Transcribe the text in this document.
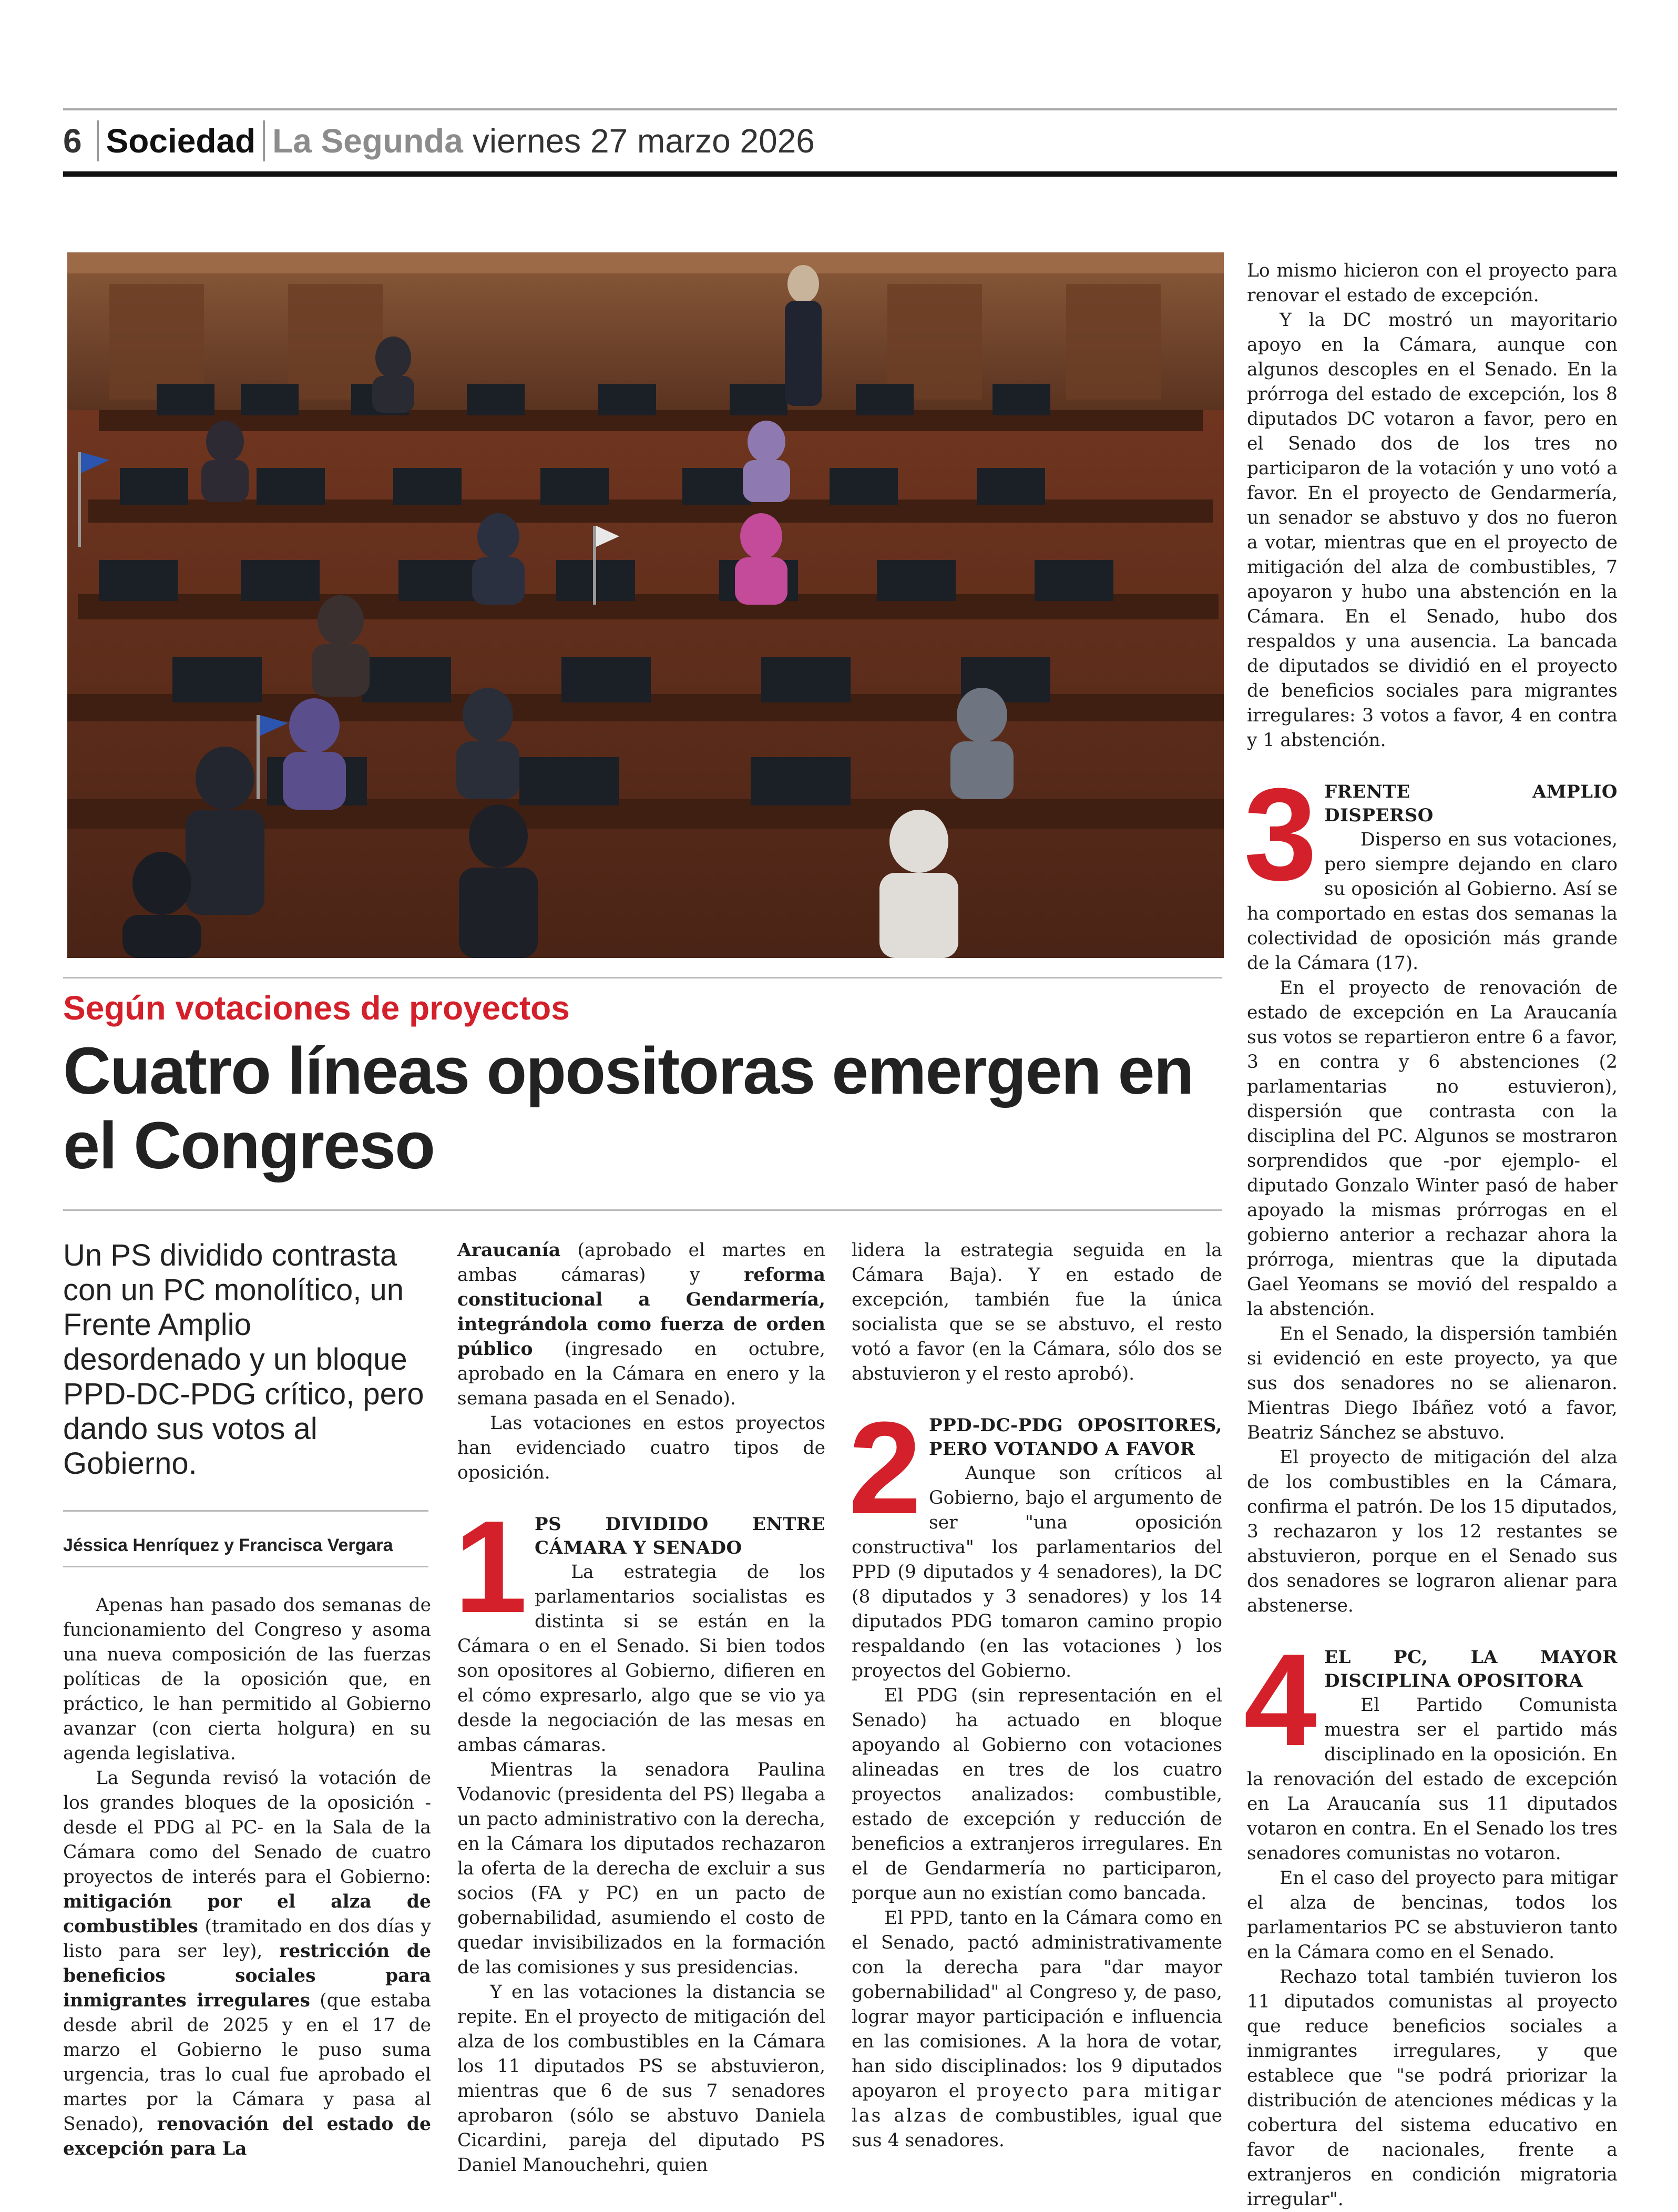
6 Sociedad La Segunda viernes 27 marzo 2026
Según votaciones de proyectos
Cuatro líneas opositoras emergen en el Congreso
Un PS dividido contrasta con un PC monolítico, un Frente Amplio desordenado y un bloque PPD-DC-PDG crítico, pero dando sus votos al Gobierno.
Jéssica Henríquez y Francisca Vergara

Apenas han pasado dos semanas de funcionamiento del Congreso y asoma una nueva composición de las fuerzas políticas de la oposición que, en práctico, le han permitido al Gobierno avanzar (con cierta holgura) en su agenda legislativa.

La Segunda revisó la votación de los grandes bloques de la oposición -desde el PDG al PC- en la Sala de la Cámara como del Senado de cuatro proyectos de interés para el Gobierno: mitigación por el alza de combustibles (tramitado en dos días y listo para ser ley), restricción de beneficios sociales para inmigrantes irregulares (que estaba desde abril de 2025 y en el 17 de marzo el Gobierno le puso suma urgencia, tras lo cual fue aprobado el martes por la Cámara y pasa al Senado), renovación del estado de excepción para La

Araucanía (aprobado el martes en ambas cámaras) y reforma constitucional a Gendarmería, integrándola como fuerza de orden público (ingresado en octubre, aprobado en la Cámara en enero y la semana pasada en el Senado).

Las votaciones en estos proyectos han evidenciado cuatro tipos de oposición.

1 PS DIVIDIDO ENTRE CÁMARA Y SENADO

La estrategia de los parlamentarios socialistas es distinta si se están en la Cámara o en el Senado. Si bien todos son opositores al Gobierno, difieren en el cómo expresarlo, algo que se vio ya desde la negociación de las mesas en ambas cámaras.

Mientras la senadora Paulina Vodanovic (presidenta del PS) llegaba a un pacto administrativo con la derecha, en la Cámara los diputados rechazaron la oferta de la derecha de excluir a sus socios (FA y PC) en un pacto de gobernabilidad, asumiendo el costo de quedar invisibilizados en la formación de las comisiones y sus presidencias.

Y en las votaciones la distancia se repite. En el proyecto de mitigación del alza de los combustibles en la Cámara los 11 diputados PS se abstuvieron, mientras que 6 de sus 7 senadores aprobaron (sólo se abstuvo Daniela Cicardini, pareja del diputado PS Daniel Manouchehri, quien

lidera la estrategia seguida en la Cámara Baja). Y en estado de excepción, también fue la única socialista que se se abstuvo, el resto votó a favor (en la Cámara, sólo dos se abstuvieron y el resto aprobó).

2 PPD-DC-PDG OPOSITORES, PERO VOTANDO A FAVOR

Aunque son críticos al Gobierno, bajo el argumento de ser "una oposición constructiva" los parlamentarios del PPD (9 diputados y 4 senadores), la DC (8 diputados y 3 senadores) y los 14 diputados PDG tomaron camino propio respaldando (en las votaciones ) los proyectos del Gobierno.

El PDG (sin representación en el Senado) ha actuado en bloque apoyando al Gobierno con votaciones alineadas en tres de los cuatro proyectos analizados: combustible, estado de excepción y reducción de beneficios a extranjeros irregulares. En el de Gendarmería no participaron, porque aun no existían como bancada.

El PPD, tanto en la Cámara como en el Senado, pactó administrativamente con la derecha para "dar mayor gobernabilidad" al Congreso y, de paso, lograr mayor participación e influencia en las comisiones. A la hora de votar, han sido disciplinados: los 9 diputados apoyaron el proyecto para mitigar las alzas de combustibles, igual que sus 4 senadores.

Lo mismo hicieron con el proyecto para renovar el estado de excepción.

Y la DC mostró un mayoritario apoyo en la Cámara, aunque con algunos descoples en el Senado. En la prórroga del estado de excepción, los 8 diputados DC votaron a favor, pero en el Senado dos de los tres no participaron de la votación y uno votó a favor. En el proyecto de Gendarmería, un senador se abstuvo y dos no fueron a votar, mientras que en el proyecto de mitigación del alza de combustibles, 7 apoyaron y hubo una abstención en la Cámara. En el Senado, hubo dos respaldos y una ausencia. La bancada de diputados se dividió en el proyecto de beneficios sociales para migrantes irregulares: 3 votos a favor, 4 en contra y 1 abstención.

3 FRENTE AMPLIO DISPERSO

Disperso en sus votaciones, pero siempre dejando en claro su oposición al Gobierno. Así se ha comportado en estas dos semanas la colectividad de oposición más grande de la Cámara (17).

En el proyecto de renovación de estado de excepción en La Araucanía sus votos se repartieron entre 6 a favor, 3 en contra y 6 abstenciones (2 parlamentarias no estuvieron), dispersión que contrasta con la disciplina del PC. Algunos se mostraron sorprendidos que -por ejemplo- el diputado Gonzalo Winter pasó de haber apoyado la mismas prórrogas en el gobierno anterior a rechazar ahora la prórroga, mientras que la diputada Gael Yeomans se movió del respaldo a la abstención.

En el Senado, la dispersión también si evidenció en este proyecto, ya que sus dos senadores no se alienaron. Mientras Diego Ibáñez votó a favor, Beatriz Sánchez se abstuvo.

El proyecto de mitigación del alza de los combustibles en la Cámara, confirma el patrón. De los 15 diputados, 3 rechazaron y los 12 restantes se abstuvieron, porque en el Senado sus dos senadores se lograron alienar para abstenerse.

4 EL PC, LA MAYOR DISCIPLINA OPOSITORA

El Partido Comunista muestra ser el partido más disciplinado en la oposición. En la renovación del estado de excepción en La Araucanía sus 11 diputados votaron en contra. En el Senado los tres senadores comunistas no votaron.

En el caso del proyecto para mitigar el alza de bencinas, todos los parlamentarios PC se abstuvieron tanto en la Cámara como en el Senado.

Rechazo total también tuvieron los 11 diputados comunistas al proyecto que reduce beneficios sociales a inmigrantes irregulares, y que establece que "se podrá priorizar la distribución de atenciones médicas y la cobertura del sistema educativo en favor de nacionales, frente a extranjeros en condición migratoria irregular".
